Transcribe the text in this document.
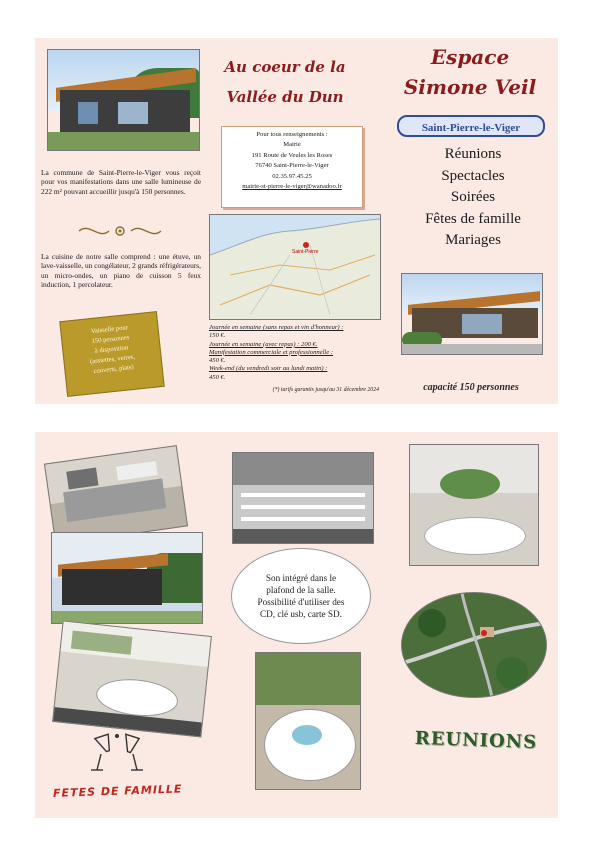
Au coeur de la
Vallée du Dun
Pour tous renseignements :
Mairie
191 Route de Veules les Roses
76740 Saint-Pierre-le-Viger
02.35.97.45.25
mairie-st-pierre-le-viger@wanadoo.fr
Espace
Simone Veil
Saint-Pierre-le-Viger
Réunions
Spectacles
Soirées
Fêtes de famille
Mariages
La commune de Saint-Pierre-le-Viger vous reçoit pour vos manifestations dans une salle lumineuse de 222 m² pouvant accueillir jusqu'à 150 personnes.
La cuisine de notre salle comprend : une étuve, un lave-vaisselle, un congélateur, 2 grands réfrigérateurs, un micro-ondes, un piano de cuisson 5 feux induction, 1 percolateur.
Vaisselle pour
150 personnes
à disposition
(assiettes, verres,
couverts, plats)
Saint-Pierre
Journée en semaine (sans repas et vin d'honneur) :
150 €.
Journée en semaine (avec repas) : 200 €.
Manifestation commerciale et professionnelle :
450 €.
Week-end (du vendredi soir au lundi matin) :
450 €.
(*) tarifs garantis jusqu'au 31 décembre 2024	capacité 150 personnes
Son intégré dans le plafond de la salle. Possibilité d'utiliser des CD, clé usb, carte SD.
FETES DE FAMILLE
REUNIONS
